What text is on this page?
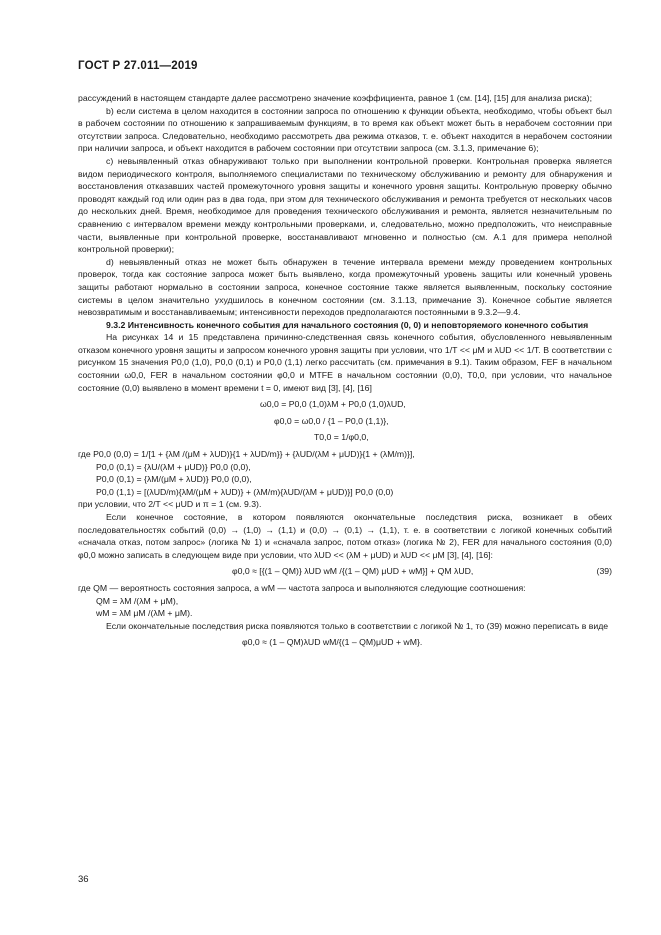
ГОСТ Р 27.011—2019

рассуждений в настоящем стандарте далее рассмотрено значение коэффициента, равное 1 (см. [14], [15] для анализа риска);

b) если система в целом находится в состоянии запроса по отношению к функции объекта, необходимо, чтобы объект был в рабочем состоянии по отношению к запрашиваемым функциям, в то время как объект может быть в нерабочем состоянии при отсутствии запроса. Следовательно, необходимо рассмотреть два режима отказов, т. е. объект находится в нерабочем состоянии при наличии запроса, и объект находится в рабочем состоянии при отсутствии запроса (см. 3.1.3, примечание 6);

c) невыявленный отказ обнаруживают только при выполнении контрольной проверки. Контрольная проверка является видом периодического контроля, выполняемого специалистами по техническому обслуживанию и ремонту для обнаружения и восстановления отказавших частей промежуточного уровня защиты и конечного уровня защиты. Контрольную проверку обычно проводят каждый год или один раз в два года, при этом для технического обслуживания и ремонта требуется от нескольких часов до нескольких дней. Время, необходимое для проведения технического обслуживания и ремонта, является незначительным по сравнению с интервалом времени между контрольными проверками, и, следовательно, можно предположить, что неисправные части, выявленные при контрольной проверке, восстанавливают мгновенно и полностью (см. А.1 для примера неполной контрольной проверки);

d) невыявленный отказ не может быть обнаружен в течение интервала времени между проведением контрольных проверок, тогда как состояние запроса может быть выявлено, когда промежуточный уровень защиты или конечный уровень защиты работают нормально в состоянии запроса, конечное состояние также является выявленным, поскольку состояние системы в целом значительно ухудшилось в конечном состоянии (см. 3.1.13, примечание 3). Конечное событие является невозвратимым и восстанавливаемым; интенсивности переходов предполагаются постоянными в 9.3.2—9.4.

9.3.2 Интенсивность конечного события для начального состояния (0, 0) и неповторяемого конечного события

На рисунках 14 и 15 представлена причинно-следственная связь конечного события, обусловленного невыявленным отказом конечного уровня защиты и запросом конечного уровня защиты при условии, что 1/T << μM и λUD << 1/T. В соответствии с рисунком 15 значения P0,0 (1,0), P0,0 (0,1) и P0,0 (1,1) легко рассчитать (см. примечания в 9.1). Таким образом, FEF в начальном состоянии ω0,0, FER в начальном состоянии φ0,0 и MTFE в начальном состоянии (0,0), T0,0, при условии, что начальное состояние (0,0) выявлено в момент времени t = 0, имеют вид [3], [4], [16]

ω0,0 = P0,0 (1,0)λM + P0,0 (1,0)λUD,

φ0,0 = ω0,0 / {1 – P0,0 (1,1)},

T0,0 = 1/φ0,0,

где P0,0 (0,0) = 1/[1 + {λM /(μM + λUD)}{1 + λUD/m}} + {λUD/(λM + μUD)}{1 + (λM/m)}],

P0,0 (0,1) = {λU/(λM + μUD)} P0,0 (0,0),

P0,0 (0,1) = {λM/(μM + λUD)} P0,0 (0,0),

P0,0 (1,1) = [(λUD/m){λM/(μM + λUD)} + (λM/m){λUD/(λM + μUD)}] P0,0 (0,0)

при условии, что 2/T << μUD и π = 1 (см. 9.3).

Если конечное состояние, в котором появляются окончательные последствия риска, возникает в обеих последовательностях событий (0,0) → (1,0) → (1,1) и (0,0) → (0,1) → (1,1), т. е. в соответствии с логикой конечных событий «сначала отказ, потом запрос» (логика № 1) и «сначала запрос, потом отказ» (логика № 2), FER для начального состояния (0,0) φ0,0 можно записать в следующем виде при условии, что λUD << (λM + μUD) и λUD << μM [3], [4], [16]:

φ0,0 ≈ [{(1 – QM)} λUD wM /{(1 – QM) μUD + wM}] + QM λUD,	(39)

где QM — вероятность состояния запроса, а wM — частота запроса и выполняются следующие соотношения:

QM = λM /(λM + μM),

wM = λM μM /(λM + μM).

Если окончательные последствия риска появляются только в соответствии с логикой № 1, то (39) можно переписать в виде

φ0,0 ≈ (1 – QM)λUD wM/{(1 – QM)μUD + wM}.

36
